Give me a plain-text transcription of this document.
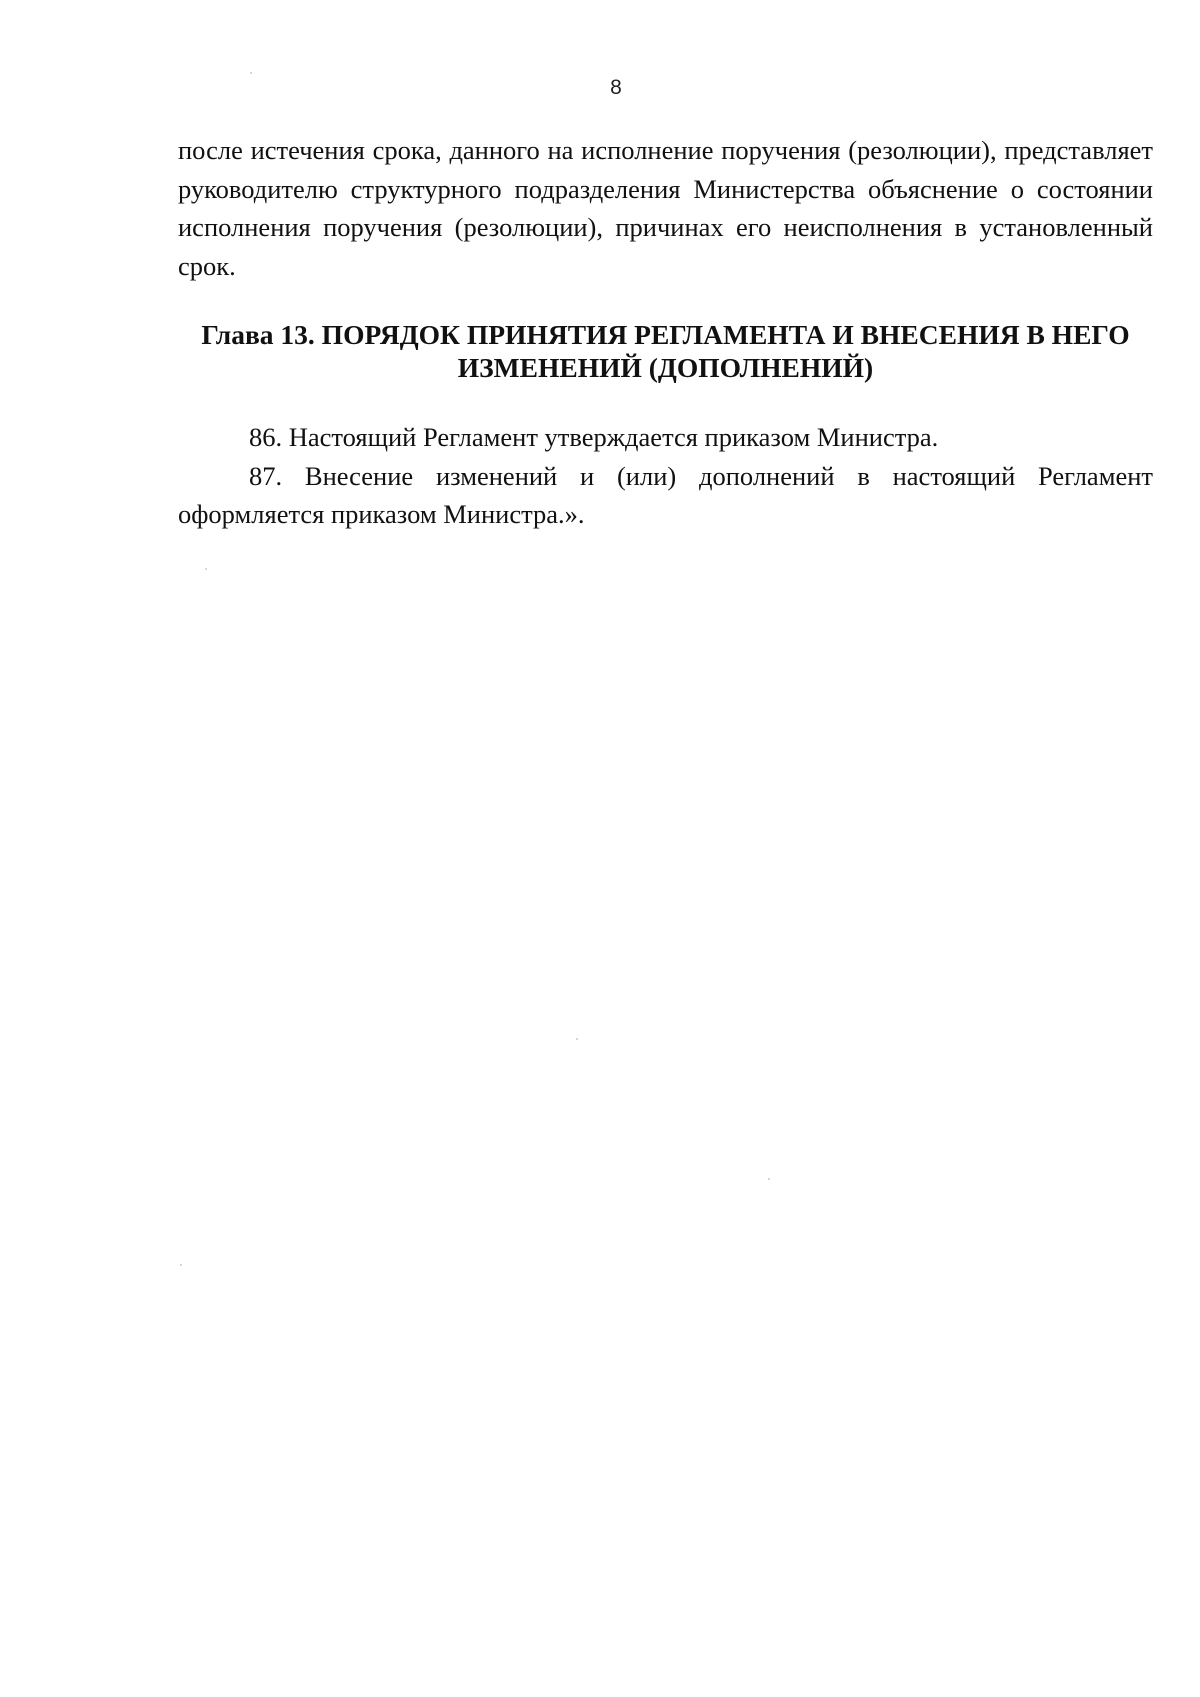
8

после истечения срока, данного на исполнение поручения (резолюции), представляет руководителю структурного подразделения Министерства объяснение о состоянии исполнения поручения (резолюции), причинах его неисполнения в установленный срок.

Глава 13. ПОРЯДОК ПРИНЯТИЯ РЕГЛАМЕНТА И ВНЕСЕНИЯ В НЕГО ИЗМЕНЕНИЙ (ДОПОЛНЕНИЙ)

86. Настоящий Регламент утверждается приказом Министра.

87. Внесение изменений и (или) дополнений в настоящий Регламент оформляется приказом Министра.».
